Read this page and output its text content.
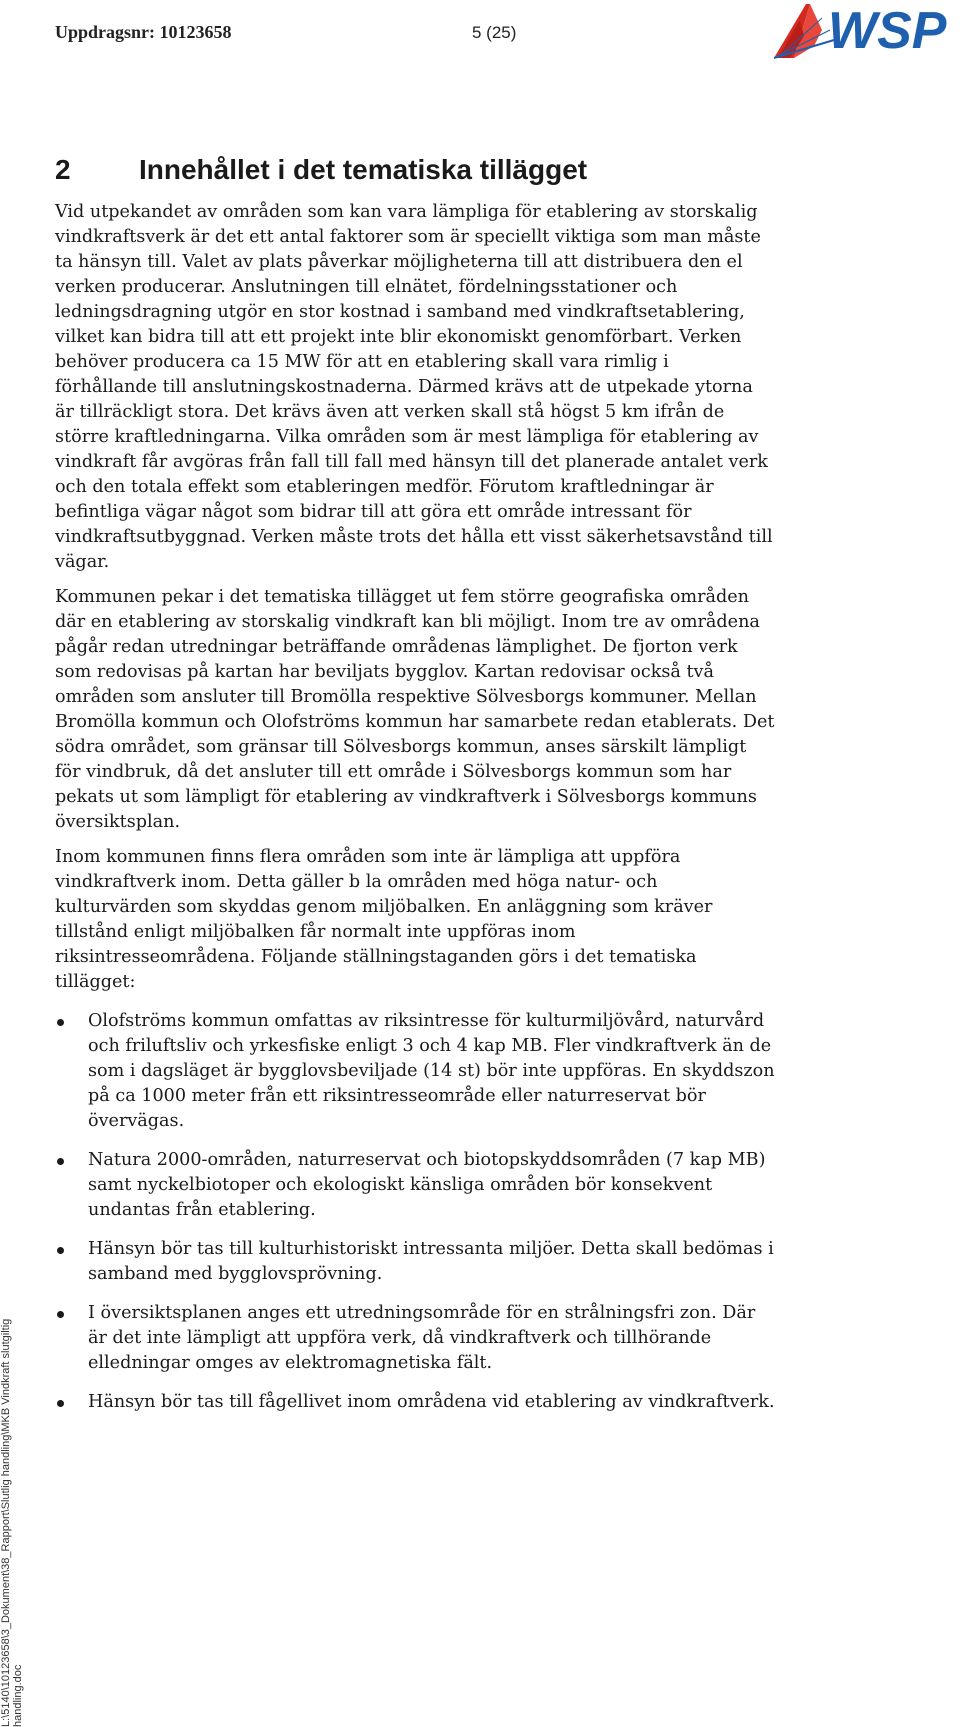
Uppdragsnr: 10123658	5 (25)	WSP
2 Innehållet i det tematiska tillägget

Vid utpekandet av områden som kan vara lämpliga för etablering av storskalig vindkraftsverk är det ett antal faktorer som är speciellt viktiga som man måste ta hänsyn till. Valet av plats påverkar möjligheterna till att distribuera den el verken producerar. Anslutningen till elnätet, fördelningsstationer och ledningsdragning utgör en stor kostnad i samband med vindkraftsetablering, vilket kan bidra till att ett projekt inte blir ekonomiskt genomförbart. Verken behöver producera ca 15 MW för att en etablering skall vara rimlig i förhållande till anslutningskostnaderna. Därmed krävs att de utpekade ytorna är tillräckligt stora. Det krävs även att verken skall stå högst 5 km ifrån de större kraftledningarna. Vilka områden som är mest lämpliga för etablering av vindkraft får avgöras från fall till fall med hänsyn till det planerade antalet verk och den totala effekt som etableringen medför. Förutom kraftledningar är befintliga vägar något som bidrar till att göra ett område intressant för vindkraftsutbyggnad. Verken måste trots det hålla ett visst säkerhetsavstånd till vägar.

Kommunen pekar i det tematiska tillägget ut fem större geografiska områden där en etablering av storskalig vindkraft kan bli möjligt. Inom tre av områdena pågår redan utredningar beträffande områdenas lämplighet. De fjorton verk som redovisas på kartan har beviljats bygglov. Kartan redovisar också två områden som ansluter till Bromölla respektive Sölvesborgs kommuner. Mellan Bromölla kommun och Olofströms kommun har samarbete redan etablerats. Det södra området, som gränsar till Sölvesborgs kommun, anses särskilt lämpligt för vindbruk, då det ansluter till ett område i Sölvesborgs kommun som har pekats ut som lämpligt för etablering av vindkraftverk i Sölvesborgs kommuns översiktsplan.

Inom kommunen finns flera områden som inte är lämpliga att uppföra vindkraftverk inom. Detta gäller b la områden med höga natur- och kulturvärden som skyddas genom miljöbalken. En anläggning som kräver tillstånd enligt miljöbalken får normalt inte uppföras inom riksintresseområdena. Följande ställningstaganden görs i det tematiska tillägget:

Olofströms kommun omfattas av riksintresse för kulturmiljövård, naturvård och friluftsliv och yrkesfiske enligt 3 och 4 kap MB. Fler vindkraftverk än de som i dagsläget är bygglovsbeviljade (14 st) bör inte uppföras. En skyddszon på ca 1000 meter från ett riksintresseområde eller naturreservat bör övervägas.
Natura 2000-områden, naturreservat och biotopskyddsområden (7 kap MB) samt nyckelbiotoper och ekologiskt känsliga områden bör konsekvent undantas från etablering.
Hänsyn bör tas till kulturhistoriskt intressanta miljöer. Detta skall bedömas i samband med bygglovsprövning.
I översiktsplanen anges ett utredningsområde för en strålningsfri zon. Där är det inte lämpligt att uppföra verk, då vindkraftverk och tillhörande elledningar omges av elektromagnetiska fält.
Hänsyn bör tas till fågellivet inom områdena vid etablering av vindkraftverk.
L:\5140\10123658\3_Dokument\38_Rapport\Slutlig handling\MKB Vindkraft slutgiltig handling.doc
